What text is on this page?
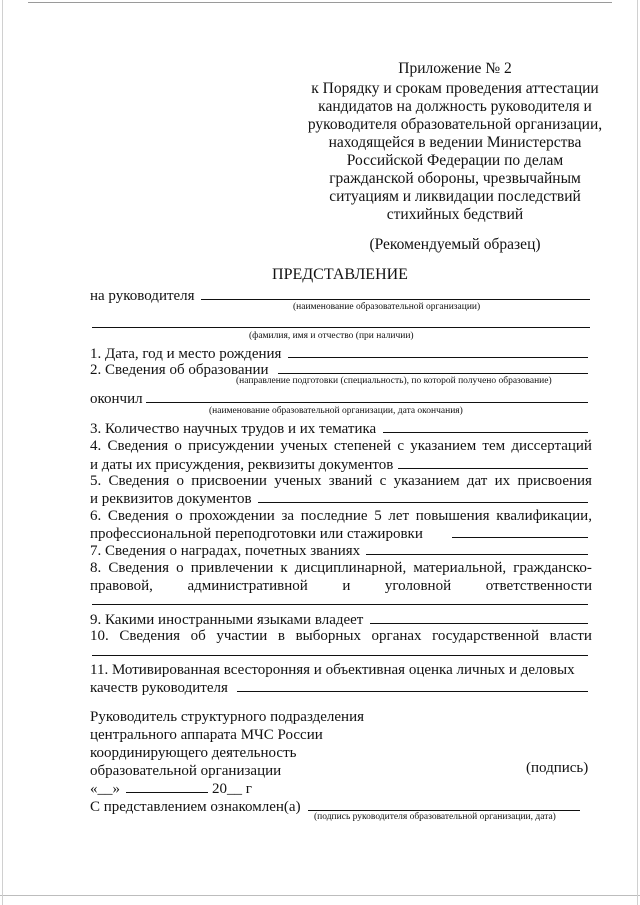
Приложение № 2
к Порядку и срокам проведения аттестации
кандидатов на должность руководителя и
руководителя образовательной организации,
находящейся в ведении Министерства
Российской Федерации по делам
гражданской обороны, чрезвычайным
ситуациям и ликвидации последствий
стихийных бедствий
(Рекомендуемый образец)
ПРЕДСТАВЛЕНИЕ
на руководителя
(наименование образовательной организации)
(фамилия, имя и отчество (при наличии)
1. Дата, год и место рождения
2. Сведения об образовании
(направление подготовки (специальность), по которой получено образование)
окончил
(наименование образовательной организации, дата окончания)
3. Количество научных трудов и их тематика
4. Сведения о присуждении ученых степеней с указанием тем диссертаций
и даты их присуждения, реквизиты документов
5. Сведения о присвоении ученых званий с указанием дат их присвоения
и реквизитов документов
6. Сведения о прохождении за последние 5 лет повышения квалификации,
профессиональной переподготовки или стажировки
7. Сведения о наградах, почетных званиях
8. Сведения о привлечении к дисциплинарной, материальной, гражданско-
правовой, административной и уголовной ответственности
9. Какими иностранными языками владеет
10. Сведения об участии в выборных органах государственной власти
11. Мотивированная всесторонняя и объективная оценка личных и деловых
качеств руководителя
Руководитель структурного подразделения
центрального аппарата МЧС России
координирующего деятельность
образовательной организации	(подпись)
«__»	20__ г
С представлением ознакомлен(а)
(подпись руководителя образовательной организации, дата)
